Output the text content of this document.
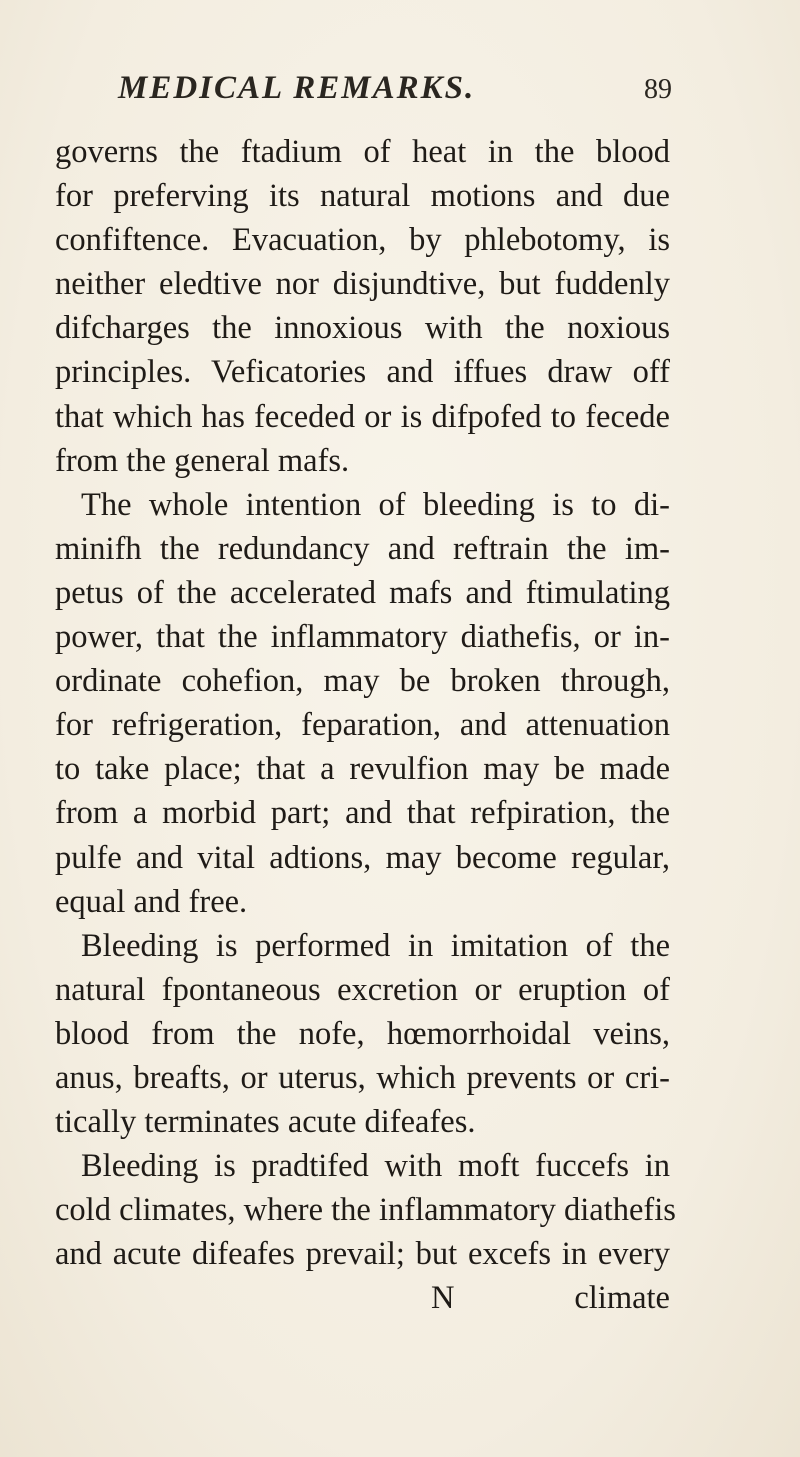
MEDICAL REMARKS.	89
governs the ftadium of heat in the blood
for preferving its natural motions and due
confiftence. Evacuation, by phlebotomy, is
neither eledtive nor disjundtive, but fuddenly
difcharges the innoxious with the noxious
principles. Veficatories and iffues draw off
that which has feceded or is difpofed to fecede
from the general mafs.
The whole intention of bleeding is to di-
minifh the redundancy and reftrain the im-
petus of the accelerated mafs and ftimulating
power, that the inflammatory diathefis, or in-
ordinate cohefion, may be broken through,
for refrigeration, feparation, and attenuation
to take place; that a revulfion may be made
from a morbid part; and that refpiration, the
pulfe and vital adtions, may become regular,
equal and free.
Bleeding is performed in imitation of the
natural fpontaneous excretion or eruption of
blood from the nofe, hœmorrhoidal veins,
anus, breafts, or uterus, which prevents or cri-
tically terminates acute difeafes.
Bleeding is pradtifed with moft fuccefs in
cold climates, where the inflammatory diathefis
and acute difeafes prevail; but excefs in every
N	climate
